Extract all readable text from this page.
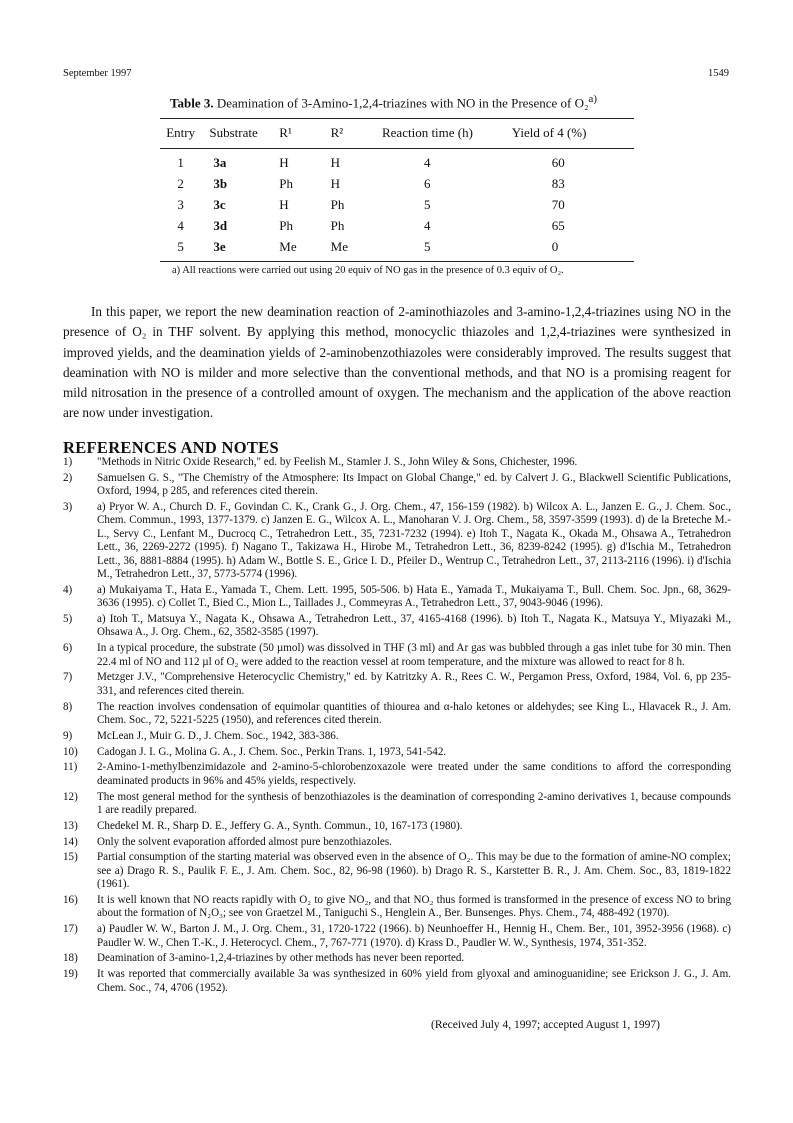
September 1997	1549
Table 3. Deamination of 3-Amino-1,2,4-triazines with NO in the Presence of O₂$^{a)}$
Entry	Substrate	R¹	R²	Reaction time (h)	Yield of 4 (%)

1	3a	H	H	4	60
2	3b	Ph	H	6	83
3	3c	H	Ph	5	70
4	3d	Ph	Ph	4	65
5	3e	Me	Me	5	0
a) All reactions were carried out using 20 equiv of NO gas in the presence of 0.3 equiv of O₂.

In this paper, we report the new deamination reaction of 2-aminothiazoles and 3-amino-1,2,4-triazines using NO in the presence of O₂ in THF solvent. By applying this method, monocyclic thiazoles and 1,2,4-triazines were synthesized in improved yields, and the deamination yields of 2-aminobenzothiazoles were considerably improved. The results suggest that deamination with NO is milder and more selective than the conventional methods, and that NO is a promising reagent for mild nitrosation in the presence of a controlled amount of oxygen. The mechanism and the application of the above reaction are now under investigation.

REFERENCES AND NOTES
1) "Methods in Nitric Oxide Research," ed. by Feelish M., Stamler J. S., John Wiley & Sons, Chichester, 1996.
2) Samuelsen G. S., "The Chemistry of the Atmosphere: Its Impact on Global Change," ed. by Calvert J. G., Blackwell Scientific Publications, Oxford, 1994, p 285, and references cited therein.
3) a) Pryor W. A., Church D. F., Govindan C. K., Crank G., J. Org. Chem., 47, 156-159 (1982). b) Wilcox A. L., Janzen E. G., J. Chem. Soc., Chem. Commun., 1993, 1377-1379. c) Janzen E. G., Wilcox A. L., Manoharan V. J. Org. Chem., 58, 3597-3599 (1993). d) de la Breteche M.-L., Servy C., Lenfant M., Ducrocq C., Tetrahedron Lett., 35, 7231-7232 (1994). e) Itoh T., Nagata K., Okada M., Ohsawa A., Tetrahedron Lett., 36, 2269-2272 (1995). f) Nagano T., Takizawa H., Hirobe M., Tetrahedron Lett., 36, 8239-8242 (1995). g) d'Ischia M., Tetrahedron Lett., 36, 8881-8884 (1995). h) Adam W., Bottle S. E., Grice I. D., Pfeiler D., Wentrup C., Tetrahedron Lett., 37, 2113-2116 (1996). i) d'Ischia M., Tetrahedron Lett., 37, 5773-5774 (1996).
4) a) Mukaiyama T., Hata E., Yamada T., Chem. Lett. 1995, 505-506. b) Hata E., Yamada T., Mukaiyama T., Bull. Chem. Soc. Jpn., 68, 3629-3636 (1995). c) Collet T., Bied C., Mion L., Taillades J., Commeyras A., Tetrahedron Lett., 37, 9043-9046 (1996).
5) a) Itoh T., Matsuya Y., Nagata K., Ohsawa A., Tetrahedron Lett., 37, 4165-4168 (1996). b) Itoh T., Nagata K., Matsuya Y., Miyazaki M., Ohsawa A., J. Org. Chem., 62, 3582-3585 (1997).
6) In a typical procedure, the substrate (50 µmol) was dissolved in THF (3 ml) and Ar gas was bubbled through a gas inlet tube for 30 min. Then 22.4 ml of NO and 112 µl of O₂ were added to the reaction vessel at room temperature, and the mixture was allowed to react for 8 h.
7) Metzger J.V., "Comprehensive Heterocyclic Chemistry," ed. by Katritzky A. R., Rees C. W., Pergamon Press, Oxford, 1984, Vol. 6, pp 235-331, and references cited therein.
8) The reaction involves condensation of equimolar quantities of thiourea and α-halo ketones or aldehydes; see King L., Hlavacek R., J. Am. Chem. Soc., 72, 5221-5225 (1950), and references cited therein.
9) McLean J., Muir G. D., J. Chem. Soc., 1942, 383-386.
10) Cadogan J. I. G., Molina G. A., J. Chem. Soc., Perkin Trans. 1, 1973, 541-542.
11) 2-Amino-1-methylbenzimidazole and 2-amino-5-chlorobenzoxazole were treated under the same conditions to afford the corresponding deaminated products in 96% and 45% yields, respectively.
12) The most general method for the synthesis of benzothiazoles is the deamination of corresponding 2-amino derivatives 1, because compounds 1 are readily prepared.
13) Chedekel M. R., Sharp D. E., Jeffery G. A., Synth. Commun., 10, 167-173 (1980).
14) Only the solvent evaporation afforded almost pure benzothiazoles.
15) Partial consumption of the starting material was observed even in the absence of O₂. This may be due to the formation of amine-NO complex; see a) Drago R. S., Paulik F. E., J. Am. Chem. Soc., 82, 96-98 (1960). b) Drago R. S., Karstetter B. R., J. Am. Chem. Soc., 83, 1819-1822 (1961).
16) It is well known that NO reacts rapidly with O₂ to give NO₂, and that NO₂ thus formed is transformed in the presence of excess NO to bring about the formation of N₂O₃; see von Graetzel M., Taniguchi S., Henglein A., Ber. Bunsenges. Phys. Chem., 74, 488-492 (1970).
17) a) Paudler W. W., Barton J. M., J. Org. Chem., 31, 1720-1722 (1966). b) Neunhoeffer H., Hennig H., Chem. Ber., 101, 3952-3956 (1968). c) Paudler W. W., Chen T.-K., J. Heterocycl. Chem., 7, 767-771 (1970). d) Krass D., Paudler W. W., Synthesis, 1974, 351-352.
18) Deamination of 3-amino-1,2,4-triazines by other methods has never been reported.
19) It was reported that commercially available 3a was synthesized in 60% yield from glyoxal and aminoguanidine; see Erickson J. G., J. Am. Chem. Soc., 74, 4706 (1952).
(Received July 4, 1997; accepted August 1, 1997)
